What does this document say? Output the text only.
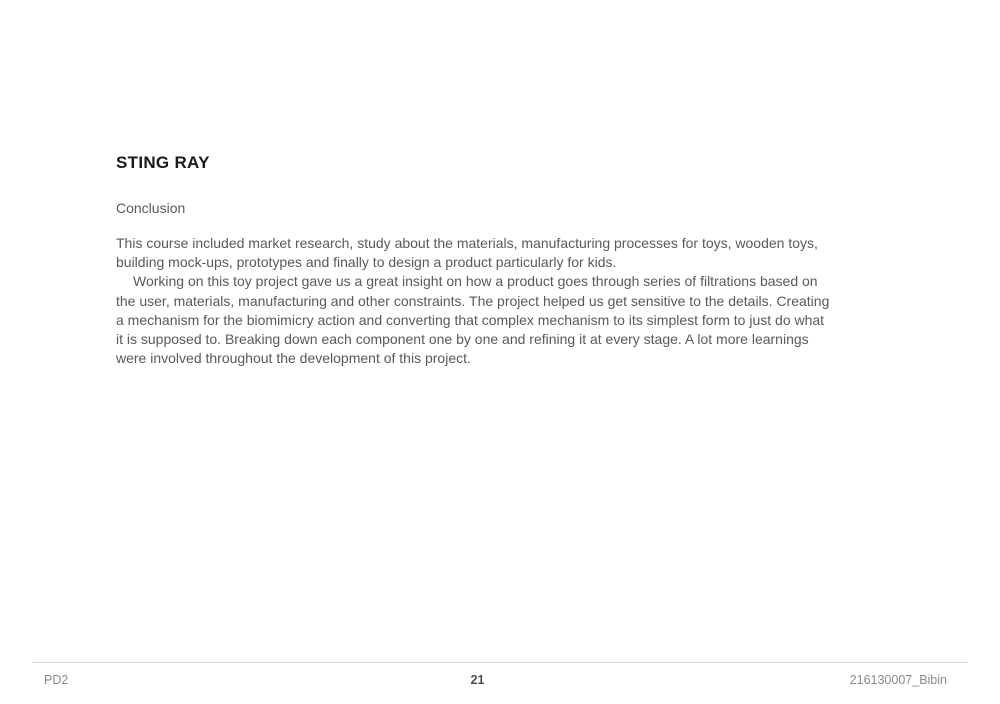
STING RAY
Conclusion
This course included market research, study about the materials, manufacturing processes for toys, wooden toys,
building mock-ups, prototypes and finally to design a product particularly for kids.
Working on this toy project gave us a great insight on how a product goes through series of filtrations based on
the user, materials, manufacturing and other constraints. The project helped us get sensitive to the details. Creating
a mechanism for the biomimicry action and converting that complex mechanism to its simplest form to just do what
it is supposed to. Breaking down each component one by one and refining it at every stage. A lot more learnings
were involved throughout the development of this project.
PD2	21	216130007_Bibin
